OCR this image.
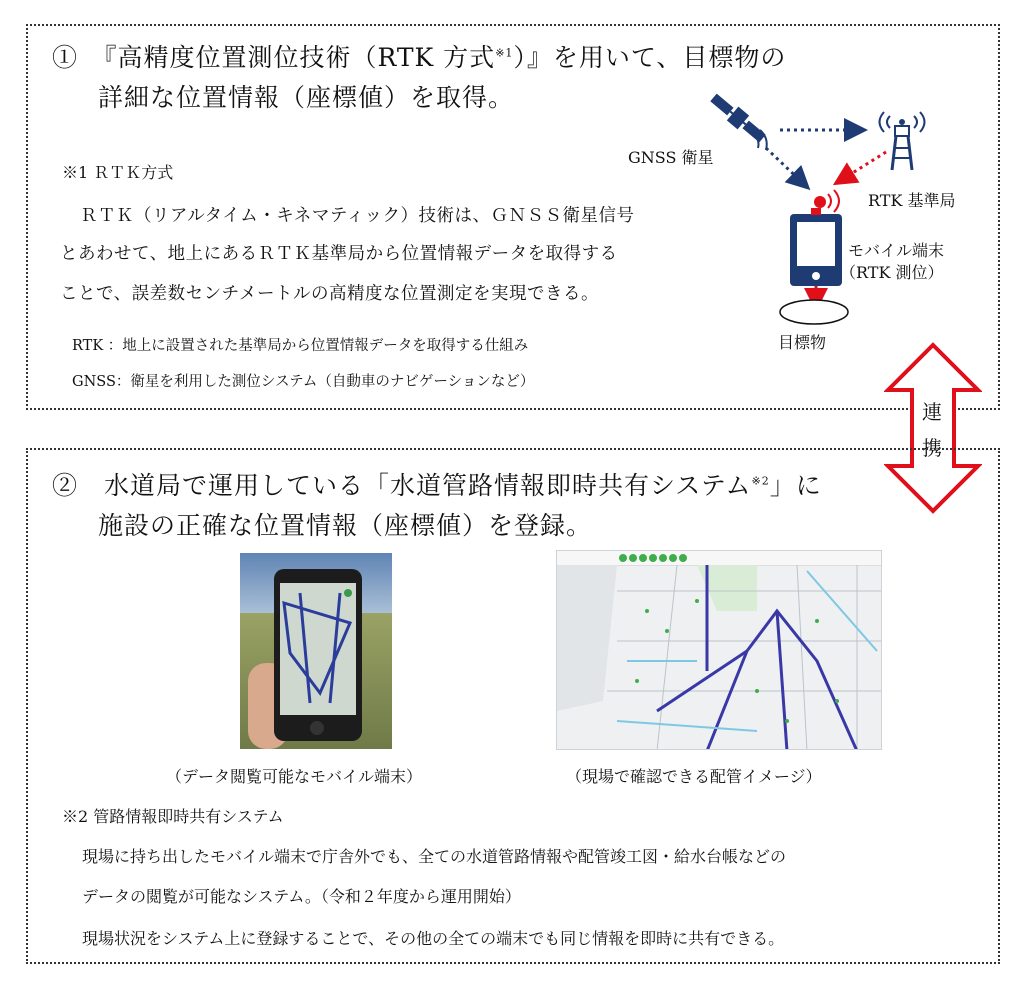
①　『高精度位置測位技術（RTK 方式$^{※1}$）』を用いて、目標物の
詳細な位置情報（座標値）を取得。
※1 ＲＴＫ方式
ＲＴＫ（リアルタイム・キネマティック）技術は、ＧＮＳＳ衛星信号
とあわせて、地上にあるＲＴＫ基準局から位置情報データを取得する
ことで、誤差数センチメートルの高精度な位置測定を実現できる。
RTK ：地上に設置された基準局から位置情報データを取得する仕組み
GNSS：衛星を利用した測位システム（自動車のナビゲーションなど）
GNSS 衛星
RTK 基準局
モバイル端末
（RTK 測位）
目標物
連
携
②　水道局で運用している「水道管路情報即時共有システム$^{※2}$」に
施設の正確な位置情報（座標値）を登録。
（データ閲覧可能なモバイル端末）	（現場で確認できる配管イメージ）
※2 管路情報即時共有システム
現場に持ち出したモバイル端末で庁舎外でも、全ての水道管路情報や配管竣工図・給水台帳などの
データの閲覧が可能なシステム。（令和２年度から運用開始）
現場状況をシステム上に登録することで、その他の全ての端末でも同じ情報を即時に共有できる。
